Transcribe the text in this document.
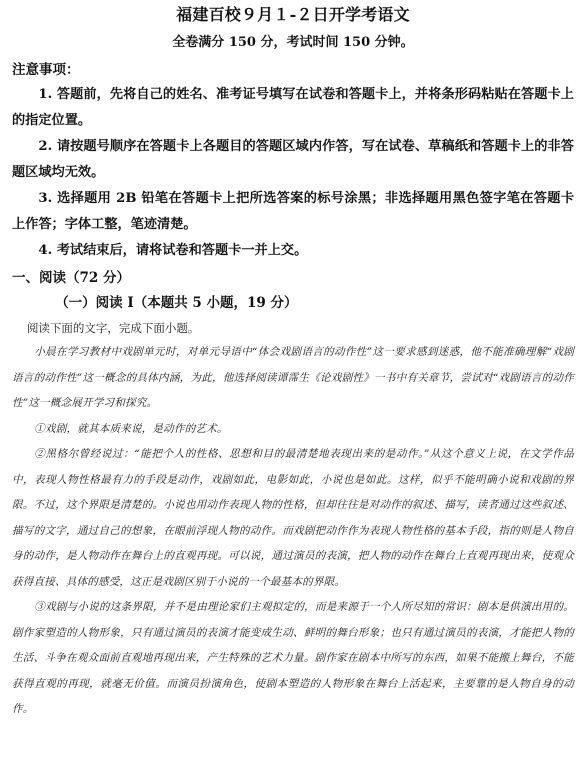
福建百校９月１-２日开学考语文
全卷满分 150 分，考试时间 150 分钟。
注意事项：
1. 答题前，先将自己的姓名、准考证号填写在试卷和答题卡上，并将条形码粘贴在答题卡上的指定位置。
2. 请按题号顺序在答题卡上各题目的答题区域内作答，写在试卷、草稿纸和答题卡上的非答题区域均无效。
3. 选择题用 2B 铅笔在答题卡上把所选答案的标号涂黑；非选择题用黑色签字笔在答题卡上作答；字体工整，笔迹清楚。
4. 考试结束后，请将试卷和答题卡一并上交。
一、阅读（72 分）
（一）阅读 I（本题共 5 小题，19 分）
阅读下面的文字，完成下面小题。

小晨在学习教材中戏剧单元时，对单元导语中“体会戏剧语言的动作性”这一要求感到迷惑，他不能准确理解“戏剧语言的动作性”这一概念的具体内涵，为此，他选择阅读谭霈生《论戏剧性》一书中有关章节，尝试对“戏剧语言的动作性”这一概念展开学习和探究。

①戏剧，就其本质来说，是动作的艺术。

②黑格尔曾经说过：“能把个人的性格、思想和目的最清楚地表现出来的是动作。”从这个意义上说，在文学作品中，表现人物性格最有力的手段是动作，戏剧如此，电影如此，小说也是如此。这样，似乎不能明确小说和戏剧的界限。不过，这个界限是清楚的。小说也用动作表现人物的性格，但却往往是对动作的叙述、描写，读者通过这些叙述、描写的文字，通过自己的想象，在眼前浮现人物的动作。而戏剧把动作作为表现人物性格的基本手段，指的则是人物自身的动作，是人物动作在舞台上的直观再现。可以说，通过演员的表演，把人物的动作在舞台上直观再现出来，使观众获得直接、具体的感受，这正是戏剧区别于小说的一个最基本的界限。

③戏剧与小说的这条界限，并不是由理论家们主观拟定的，而是来源于一个人所尽知的常识：剧本是供演出用的。剧作家塑造的人物形象，只有通过演员的表演才能变成生动、鲜明的舞台形象；也只有通过演员的表演，才能把人物的生活、斗争在观众面前直观地再现出来，产生特殊的艺术力量。剧作家在剧本中所写的东西，如果不能搬上舞台，不能获得直观的再现，就毫无价值。而演员扮演角色，使剧本塑造的人物形象在舞台上活起来，主要靠的是人物自身的动作。
